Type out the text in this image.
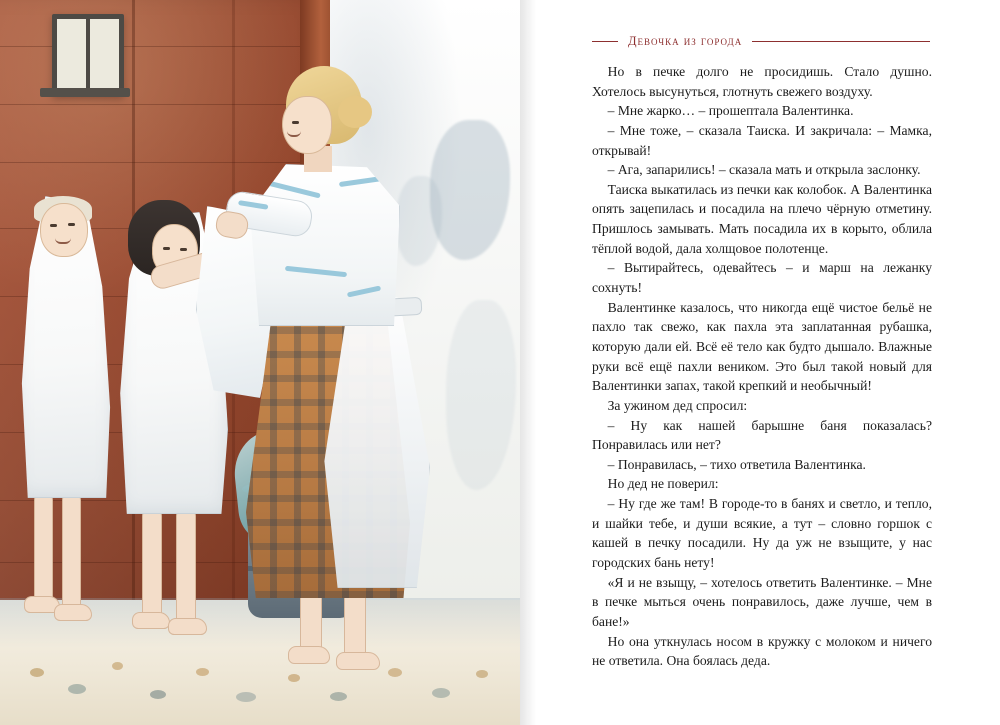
Девочка из города

Но в печке долго не просидишь. Стало душно. Хотелось высунуться, глотнуть свежего воздуху.

– Мне жарко… – прошептала Валентинка.

– Мне тоже, – сказала Таиска. И закричала: – Мамка, открывай!

– Ага, запарились! – сказала мать и открыла заслонку.

Таиска выкатилась из печки как колобок. А Валентинка опять зацепилась и посадила на плечо чёрную отметину. Пришлось замывать. Мать посадила их в корыто, облила тёплой водой, дала холщовое полотенце.

– Вытирайтесь, одевайтесь – и марш на лежанку сохнуть!

Валентинке казалось, что никогда ещё чистое бельё не пахло так свежо, как пахла эта заплатанная рубашка, которую дали ей. Всё её тело как будто дышало. Влажные руки всё ещё пахли веником. Это был такой новый для Валентинки запах, такой крепкий и необычный!

За ужином дед спросил:

– Ну как нашей барышне баня показалась? Понравилась или нет?

– Понравилась, – тихо ответила Валентинка.

Но дед не поверил:

– Ну где же там! В городе-то в банях и светло, и тепло, и шайки тебе, и души всякие, а тут – словно горшок с кашей в печку посадили. Ну да уж не взыщите, у нас городских бань нету!

«Я и не взыщу, – хотелось ответить Валентинке. – Мне в печке мыться очень понравилось, даже лучше, чем в бане!»

Но она уткнулась носом в кружку с молоком и ничего не ответила. Она боялась деда.
